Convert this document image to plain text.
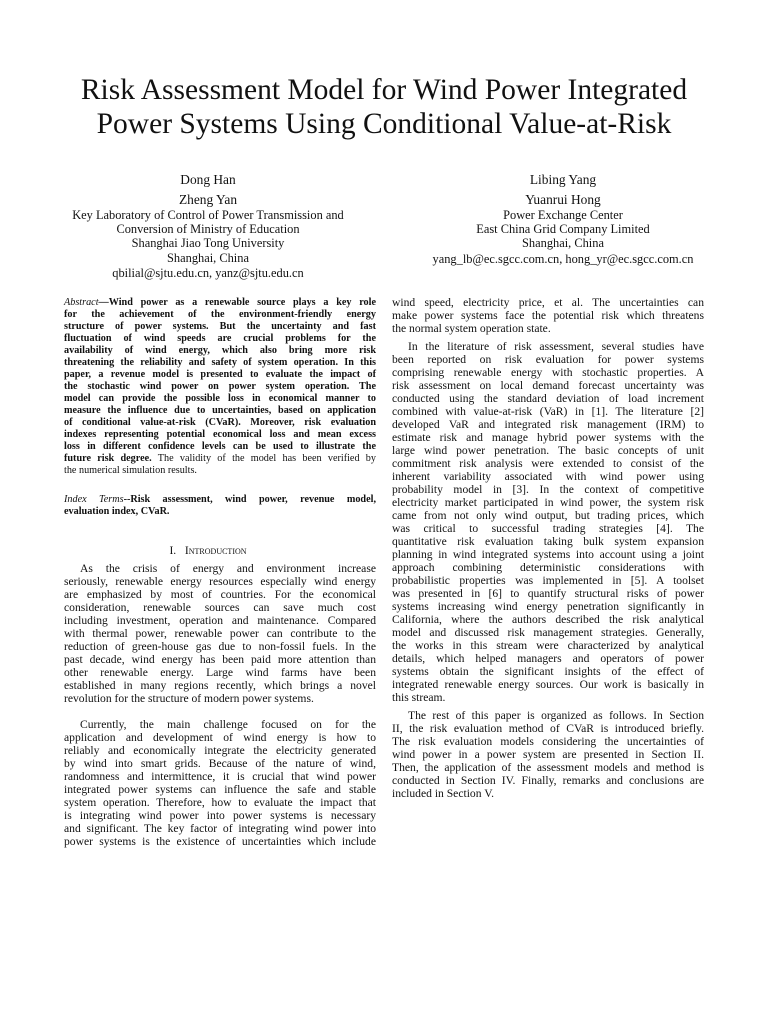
Risk Assessment Model for Wind Power Integrated
Power Systems Using Conditional Value-at-Risk
Dong Han
Zheng Yan
Key Laboratory of Control of Power Transmission and
Conversion of Ministry of Education
Shanghai Jiao Tong University
Shanghai, China
qbilial@sjtu.edu.cn, yanz@sjtu.edu.cn
Libing Yang
Yuanrui Hong
Power Exchange Center
East China Grid Company Limited
Shanghai, China
yang_lb@ec.sgcc.com.cn, hong_yr@ec.sgcc.com.cn
Abstract—Wind power as a renewable source plays a key role
for the achievement of the environment-friendly energy
structure of power systems. But the uncertainty and fast
fluctuation of wind speeds are crucial problems for the
availability of wind energy, which also bring more risk
threatening the reliability and safety of system operation. In this
paper, a revenue model is presented to evaluate the impact of
the stochastic wind power on power system operation. The
model can provide the possible loss in economical manner to
measure the influence due to uncertainties, based on application
of conditional value-at-risk (CVaR). Moreover, risk evaluation
indexes representing potential economical loss and mean excess
loss in different confidence levels can be used to illustrate the
future risk degree. The validity of the model has been verified by
the numerical simulation results.
Index Terms--Risk assessment, wind power, revenue model,
evaluation index, CVaR.
I. Introduction
As the crisis of energy and environment increase
seriously, renewable energy resources especially wind energy
are emphasized by most of countries. For the economical
consideration, renewable sources can save much cost
including investment, operation and maintenance. Compared
with thermal power, renewable power can contribute to the
reduction of green-house gas due to non-fossil fuels. In the
past decade, wind energy has been paid more attention than
other renewable energy. Large wind farms have been
established in many regions recently, which brings a novel
revolution for the structure of modern power systems.
Currently, the main challenge focused on for the
application and development of wind energy is how to
reliably and economically integrate the electricity generated
by wind into smart grids. Because of the nature of wind,
randomness and intermittence, it is crucial that wind power
integrated power systems can influence the safe and stable
system operation. Therefore, how to evaluate the impact that
is integrating wind power into power systems is necessary
and significant. The key factor of integrating wind power into
power systems is the existence of uncertainties which include
wind speed, electricity price, et al. The uncertainties can
make power systems face the potential risk which threatens
the normal system operation state.
In the literature of risk assessment, several studies have
been reported on risk evaluation for power systems
comprising renewable energy with stochastic properties. A
risk assessment on local demand forecast uncertainty was
conducted using the standard deviation of load increment
combined with value-at-risk (VaR) in [1]. The literature [2]
developed VaR and integrated risk management (IRM) to
estimate risk and manage hybrid power systems with the
large wind power penetration. The basic concepts of unit
commitment risk analysis were extended to consist of the
inherent variability associated with wind power using
probability model in [3]. In the context of competitive
electricity market participated in wind power, the system risk
came from not only wind output, but trading prices, which
was critical to successful trading strategies [4]. The
quantitative risk evaluation taking bulk system expansion
planning in wind integrated systems into account using a joint
approach combining deterministic considerations with
probabilistic properties was implemented in [5]. A toolset
was presented in [6] to quantify structural risks of power
systems increasing wind energy penetration significantly in
California, where the authors described the risk analytical
model and discussed risk management strategies. Generally,
the works in this stream were characterized by analytical
details, which helped managers and operators of power
systems obtain the significant insights of the effect of
integrated renewable energy sources. Our work is basically in
this stream.
The rest of this paper is organized as follows. In Section
II, the risk evaluation method of CVaR is introduced briefly.
The risk evaluation models considering the uncertainties of
wind power in a power system are presented in Section II.
Then, the application of the assessment models and method is
conducted in Section IV. Finally, remarks and conclusions are
included in Section V.
